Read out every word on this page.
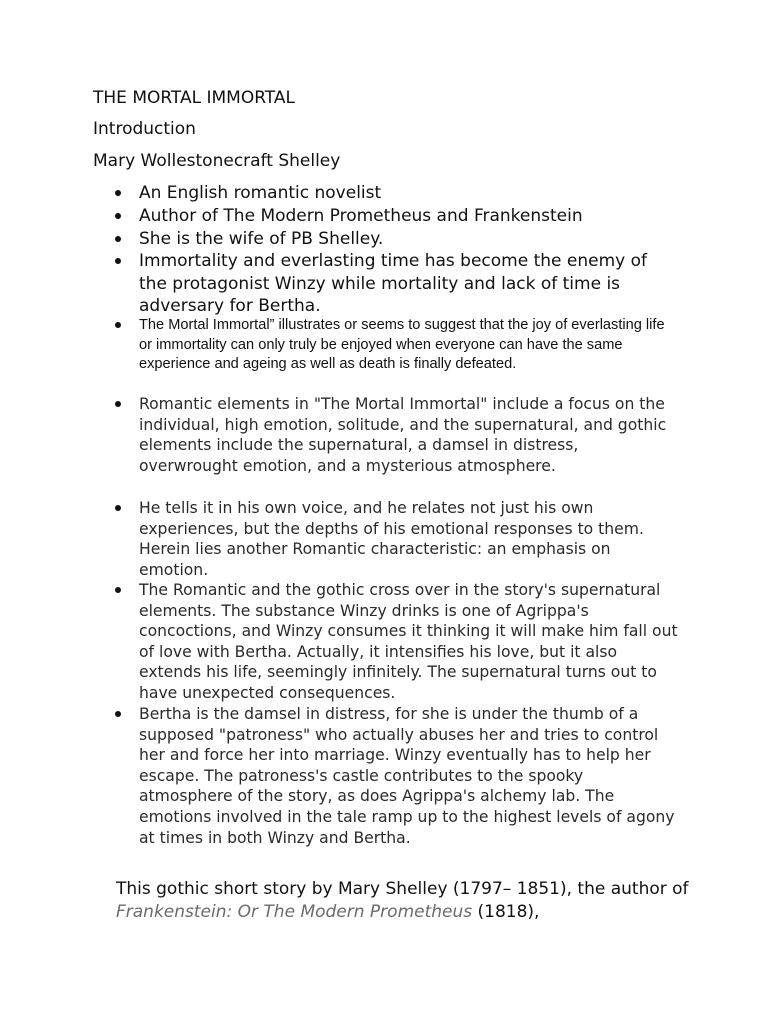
THE MORTAL IMMORTAL
Introduction
Mary Wollestonecraft Shelley
An English romantic novelist
Author of The Modern Prometheus and Frankenstein
She is the wife of PB Shelley.
Immortality and everlasting time has become the enemy of the protagonist Winzy while mortality and lack of time is adversary for Bertha.
The Mortal Immortal” illustrates or seems to suggest that the joy of everlasting life or immortality can only truly be enjoyed when everyone can have the same experience and ageing as well as death is finally defeated.
Romantic elements in "The Mortal Immortal" include a focus on the individual, high emotion, solitude, and the supernatural, and gothic elements include the supernatural, a damsel in distress, overwrought emotion, and a mysterious atmosphere.
He tells it in his own voice, and he relates not just his own experiences, but the depths of his emotional responses to them. Herein lies another Romantic characteristic: an emphasis on emotion.
The Romantic and the gothic cross over in the story's supernatural elements. The substance Winzy drinks is one of Agrippa's concoctions, and Winzy consumes it thinking it will make him fall out of love with Bertha. Actually, it intensifies his love, but it also extends his life, seemingly infinitely. The supernatural turns out to have unexpected consequences.
Bertha is the damsel in distress, for she is under the thumb of a supposed "patroness" who actually abuses her and tries to control her and force her into marriage. Winzy eventually has to help her escape. The patroness's castle contributes to the spooky atmosphere of the story, as does Agrippa's alchemy lab. The emotions involved in the tale ramp up to the highest levels of agony at times in both Winzy and Bertha.

This gothic short story by Mary Shelley (1797– 1851), the author of Frankenstein: Or The Modern Prometheus (1818),
